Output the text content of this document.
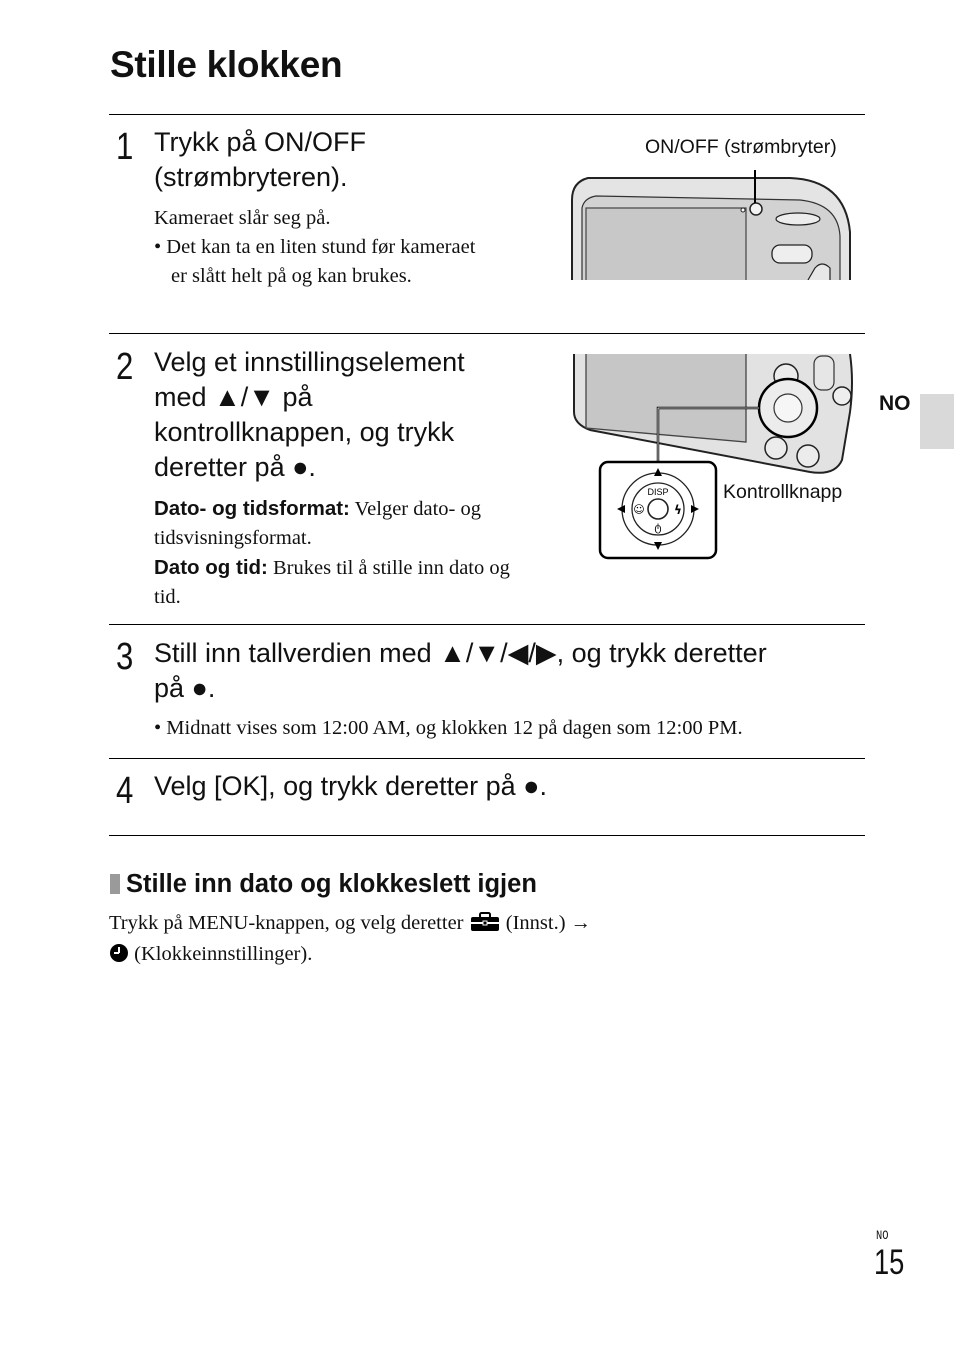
Stille klokken
1 Trykk på ON/OFF
(strømbryteren).
Kameraet slår seg på.
• Det kan ta en liten stund før kameraet er slått helt på og kan brukes.
ON/OFF (strømbryter)
2 Velg et innstillingselement
med ▲/▼ på
kontrollknappen, og trykk
deretter på ●.
Dato- og tidsformat: Velger dato- og tidsvisningsformat.
Dato og tid: Brukes til å stille inn dato og tid.
DISP
☺ ϟ
ტ
Kontrollknapp
NO
3 Still inn tallverdien med ▲/▼/◀/▶, og trykk deretter
på ●.
• Midnatt vises som 12:00 AM, og klokken 12 på dagen som 12:00 PM.
4 Velg [OK], og trykk deretter på ●.
Stille inn dato og klokkeslett igjen
Trykk på MENU-knappen, og velg deretter (Innst.) →
(Klokkeinnstillinger).
NO
15
